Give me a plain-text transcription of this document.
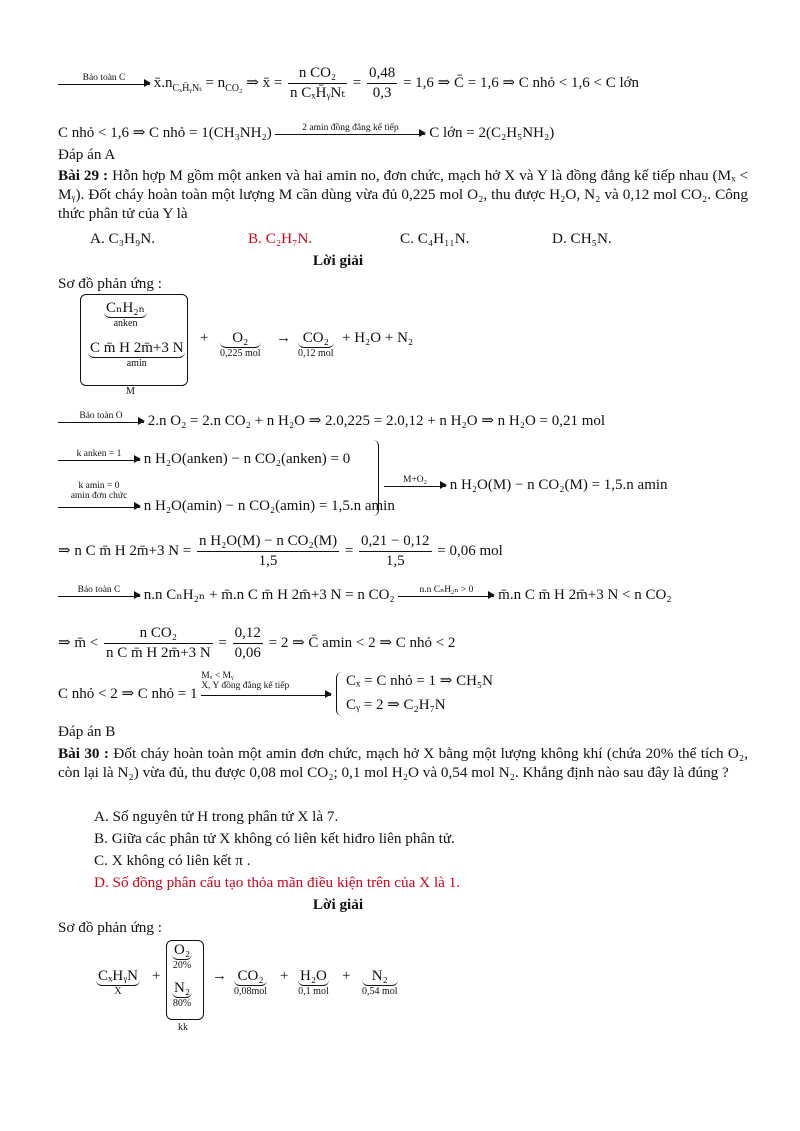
Bảo toàn C	$x̄.n_{C_xH̄ᵧN_t} = n_{CO_2}$ ⇒ x̄ = $\frac{\text{n CO₂}}{\text{n CₓH̄ᵧNₜ}} = \frac{0,48}{0,3} = 1,6$ ⇒ C̄ = 1,6 ⇒ C nhỏ < 1,6 < C lớn
C nhỏ < 1,6 ⇒ C nhỏ = 1(CH₃NH₂)	2 amin đồng đẳng kế tiếp	C lớn = 2(C₂H₅NH₂)
Đáp án A
Bài 29 : Hỗn hợp M gồm một anken và hai amin no, đơn chức, mạch hở X và Y là đồng đẳng kế tiếp nhau (Mₓ < Mᵧ). Đốt cháy hoàn toàn một lượng M cần dùng vừa đủ 0,225 mol O₂, thu được H₂O, N₂ và 0,12 mol CO₂. Công thức phân tử của Y là
A. C₃H₉N.	B. C₂H₇N.	C. C₄H₁₁N.	D. CH₅N.
Lời giải
Sơ đồ phản ứng :
CₙH₂ₙ
anken
C m̄ H 2m̄+3 N
amin
M
+	O₂
0,225 mol
→ CO₂
0,12 mol
+ H₂O + N₂
Bảo toàn O	2.n O₂ = 2.n CO₂ + n H₂O ⇒ 2.0,225 = 2.0,12 + n H₂O ⇒ n H₂O = 0,21 mol
k anken = 1	n H₂O(anken) − n CO₂(anken) = 0
k amin = 0
amin đơn chức
n H₂O(amin) − n CO₂(amin) = 1,5.n amin
M+O₂	n H₂O(M) − n CO₂(M) = 1,5.n amin
⇒ n C m̄ H 2m̄+3 $N = \frac{\text{n H₂O(M) − n CO₂(M)}}{1,5} = \frac{0,21 - 0,12}{1,5} = 0,06$ mol
Bảo toàn C	n.n CₙH₂ₙ + m̄.n C m̄ H 2m̄+3 N = n CO₂	n.n CₙH₂ₙ > 0	m̄.n C m̄ H 2m̄+3 N < n CO₂
⇒ m̄ < $\frac{\text{n CO₂}}{\text{n C m̄ H 2m̄+3 N}} = \frac{0,12}{0,06} = 2$ ⇒ C̄ amin < 2 ⇒ C nhỏ < 2
C nhỏ < 2 ⇒ C nhỏ = 1
Mₓ < Mᵧ
X, Y đồng đẳng kế tiếp	Cₓ = C nhỏ = 1 ⇒ CH₅N
Cᵧ = 2 ⇒ C₂H₇N
Đáp án B
Bài 30 : Đốt cháy hoàn toàn một amin đơn chức, mạch hở X bằng một lượng không khí (chứa 20% thể tích O₂, còn lại là N₂) vừa đủ, thu được 0,08 mol CO₂; 0,1 mol H₂O và 0,54 mol N₂. Khẳng định nào sau đây là đúng ?
A. Số nguyên tử H trong phân tử X là 7.
B. Giữa các phân tử X không có liên kết hiđro liên phân tử.
C. X không có liên kết π .
D. Số đồng phân cấu tạo thỏa mãn điều kiện trên của X là 1.
Lời giải
Sơ đồ phản ứng :
CₓHᵧN
X
+
O₂
20%
N₂
80%
kk
→ CO₂
0,08mol
+ H₂O
0,1 mol
+	N₂
0,54 mol
